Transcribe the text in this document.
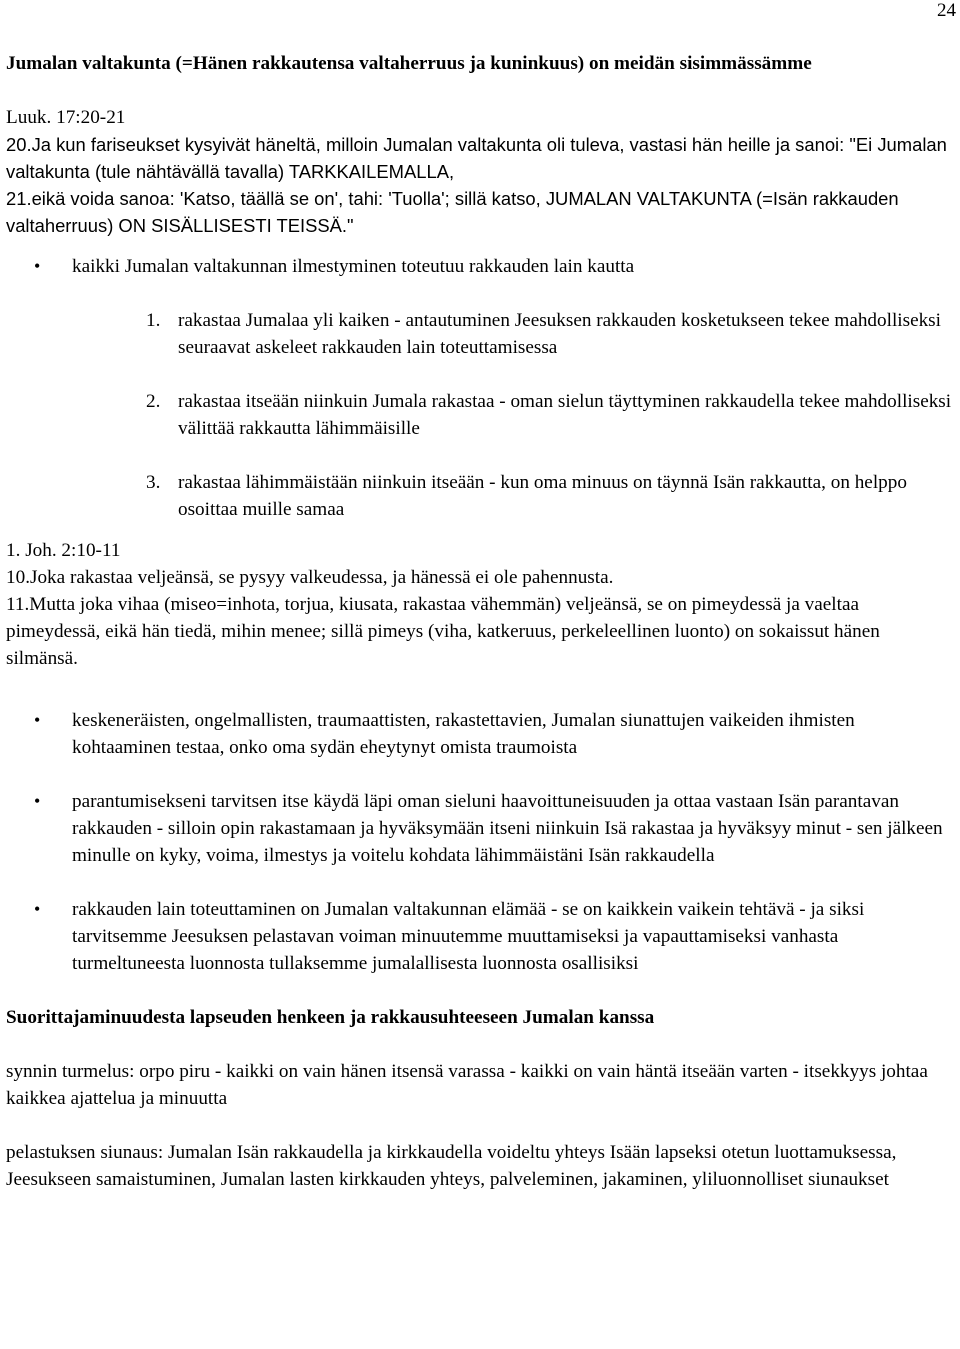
24

Jumalan valtakunta (=Hänen rakkautensa valtaherruus ja kuninkuus) on meidän sisimmässämme

Luuk. 17:20-21

20.Ja kun fariseukset kysyivät häneltä, milloin Jumalan valtakunta oli tuleva, vastasi hän heille ja sanoi: "Ei Jumalan valtakunta (tule nähtävällä tavalla) TARKKAILEMALLA,

21.eikä voida sanoa: 'Katso, täällä se on', tahi: 'Tuolla'; sillä katso, JUMALAN VALTAKUNTA (=Isän rakkauden valtaherruus) ON SISÄLLISESTI TEISSÄ."

• kaikki Jumalan valtakunnan ilmestyminen toteutuu rakkauden lain kautta
1. rakastaa Jumalaa yli kaiken - antautuminen Jeesuksen rakkauden kosketukseen tekee mahdolliseksi seuraavat askeleet rakkauden lain toteuttamisessa
2. rakastaa itseään niinkuin Jumala rakastaa - oman sielun täyttyminen rakkaudella tekee mahdolliseksi välittää rakkautta lähimmäisille
3. rakastaa lähimmäistään niinkuin itseään - kun oma minuus on täynnä Isän rakkautta, on helppo osoittaa muille samaa

1. Joh. 2:10-11

10.Joka rakastaa veljeänsä, se pysyy valkeudessa, ja hänessä ei ole pahennusta.

11.Mutta joka vihaa (miseo=inhota, torjua, kiusata, rakastaa vähemmän) veljeänsä, se on pimeydessä ja vaeltaa pimeydessä, eikä hän tiedä, mihin menee; sillä pimeys (viha, katkeruus, perkeleellinen luonto) on sokaissut hänen silmänsä.

• keskeneräisten, ongelmallisten, traumaattisten, rakastettavien, Jumalan siunattujen vaikeiden ihmisten kohtaaminen testaa, onko oma sydän eheytynyt omista traumoista
• parantumisekseni tarvitsen itse käydä läpi oman sieluni haavoittuneisuuden ja ottaa vastaan Isän parantavan rakkauden - silloin opin rakastamaan ja hyväksymään itseni niinkuin Isä rakastaa ja hyväksyy minut - sen jälkeen minulle on kyky, voima, ilmestys ja voitelu kohdata lähimmäistäni Isän rakkaudella
• rakkauden lain toteuttaminen on Jumalan valtakunnan elämää - se on kaikkein vaikein tehtävä - ja siksi tarvitsemme Jeesuksen pelastavan voiman minuutemme muuttamiseksi ja vapauttamiseksi vanhasta turmeltuneesta luonnosta tullaksemme jumalallisesta luonnosta osallisiksi

Suorittajaminuudesta lapseuden henkeen ja rakkausuhteeseen Jumalan kanssa

synnin turmelus: orpo piru - kaikki on vain hänen itsensä varassa - kaikki on vain häntä itseään varten - itsekkyys johtaa kaikkea ajattelua ja minuutta

pelastuksen siunaus: Jumalan Isän rakkaudella ja kirkkaudella voideltu yhteys Isään lapseksi otetun luottamuksessa, Jeesukseen samaistuminen, Jumalan lasten kirkkauden yhteys, palveleminen, jakaminen, yliluonnolliset siunaukset
